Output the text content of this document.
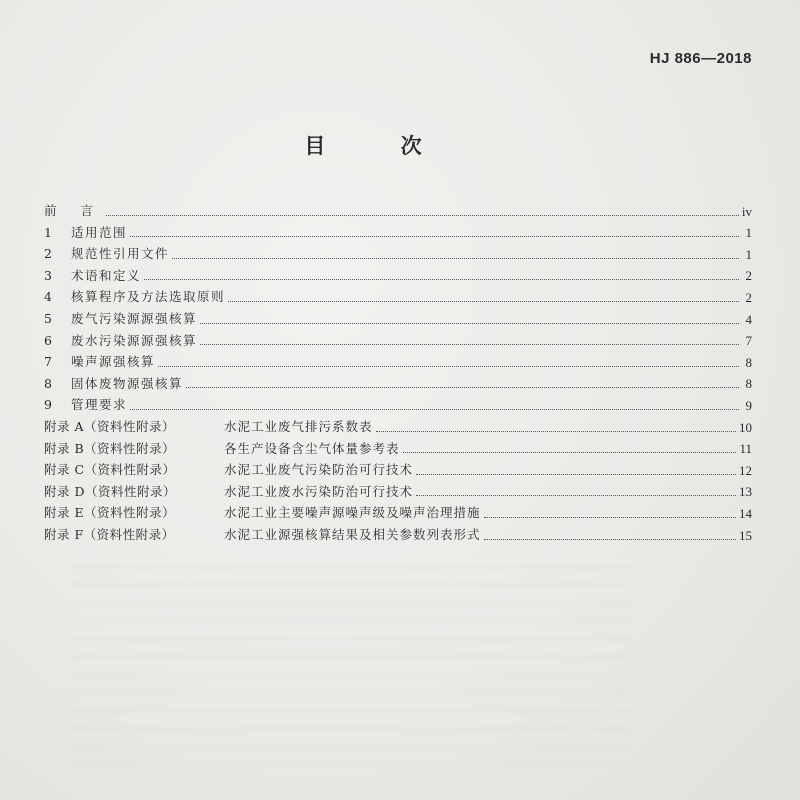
HJ 886—2018
目 次
前 言	iv
1	适用范围	1
2	规范性引用文件	1
3	术语和定义	2
4	核算程序及方法选取原则	2
5	废气污染源源强核算	4
6	废水污染源源强核算	7
7	噪声源强核算	8
8	固体废物源强核算	8
9	管理要求	9
附录 A（资料性附录）	水泥工业废气排污系数表	10
附录 B（资料性附录）	各生产设备含尘气体量参考表	11
附录 C（资料性附录）	水泥工业废气污染防治可行技术	12
附录 D（资料性附录）	水泥工业废水污染防治可行技术	13
附录 E（资料性附录）	水泥工业主要噪声源噪声级及噪声治理措施	14
附录 F（资料性附录）	水泥工业源强核算结果及相关参数列表形式	15
